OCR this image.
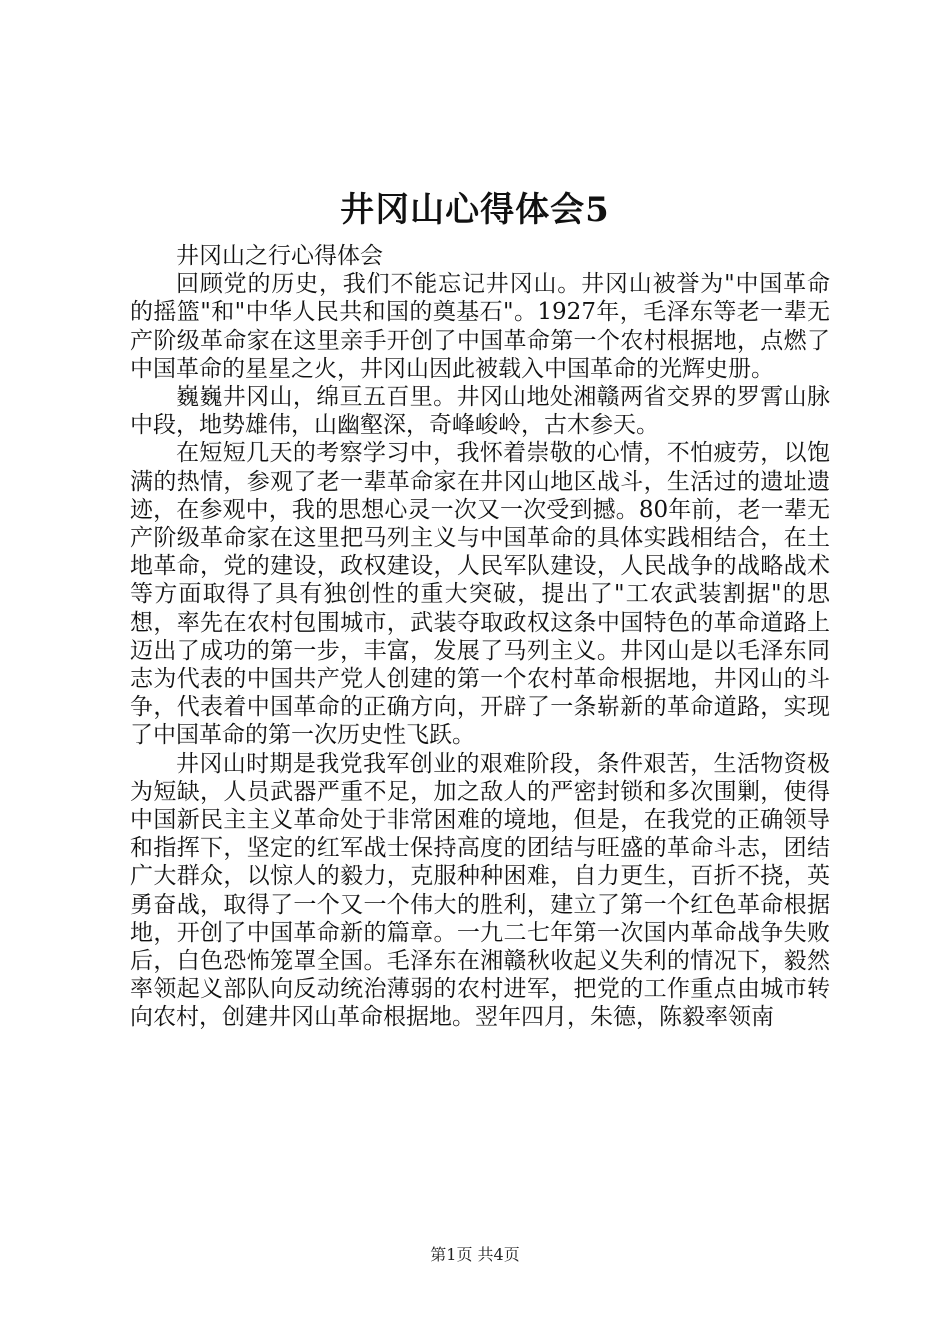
井冈山心得体会5

井冈山之行心得体会

回顾党的历史，我们不能忘记井冈山。井冈山被誉为"中国革命的摇篮"和"中华人民共和国的奠基石"。1927年，毛泽东等老一辈无产阶级革命家在这里亲手开创了中国革命第一个农村根据地，点燃了中国革命的星星之火，井冈山因此被载入中国革命的光辉史册。

巍巍井冈山，绵亘五百里。井冈山地处湘赣两省交界的罗霄山脉中段，地势雄伟，山幽壑深，奇峰峻岭，古木参天。

在短短几天的考察学习中，我怀着崇敬的心情，不怕疲劳，以饱满的热情，参观了老一辈革命家在井冈山地区战斗，生活过的遗址遗迹，在参观中，我的思想心灵一次又一次受到撼。80年前，老一辈无产阶级革命家在这里把马列主义与中国革命的具体实践相结合，在土地革命，党的建设，政权建设，人民军队建设，人民战争的战略战术等方面取得了具有独创性的重大突破，提出了"工农武装割据"的思想，率先在农村包围城市，武装夺取政权这条中国特色的革命道路上迈出了成功的第一步，丰富，发展了马列主义。井冈山是以毛泽东同志为代表的中国共产党人创建的第一个农村革命根据地，井冈山的斗争，代表着中国革命的正确方向，开辟了一条崭新的革命道路，实现了中国革命的第一次历史性飞跃。

井冈山时期是我党我军创业的艰难阶段，条件艰苦，生活物资极为短缺，人员武器严重不足，加之敌人的严密封锁和多次围剿，使得中国新民主主义革命处于非常困难的境地，但是，在我党的正确领导和指挥下，坚定的红军战士保持高度的团结与旺盛的革命斗志，团结广大群众，以惊人的毅力，克服种种困难，自力更生，百折不挠，英勇奋战，取得了一个又一个伟大的胜利，建立了第一个红色革命根据地，开创了中国革命新的篇章。一九二七年第一次国内革命战争失败后，白色恐怖笼罩全国。毛泽东在湘赣秋收起义失利的情况下，毅然率领起义部队向反动统治薄弱的农村进军，把党的工作重点由城市转向农村，创建井冈山革命根据地。翌年四月，朱德，陈毅率领南

第1页 共4页
